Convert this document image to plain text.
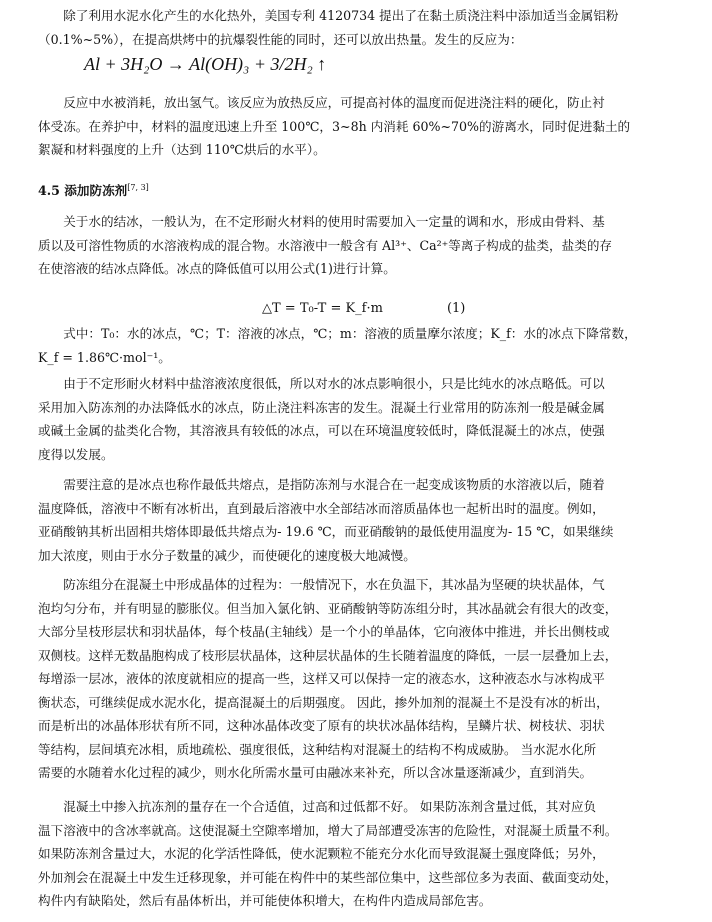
　　除了利用水泥水化产生的水化热外，美国专利 4120734 提出了在黏土质浇注料中添加适当金属铝粉
（0.1%~5%），在提高烘烤中的抗爆裂性能的同时，还可以放出热量。发生的反应为：
Al + 3H₂O → Al(OH)₃ + 3/2H₂ ↑
　　反应中水被消耗，放出氢气。该反应为放热反应，可提高衬体的温度而促进浇注料的硬化，防止衬
体受冻。在养护中，材料的温度迅速上升至 100℃，3~8h 内消耗 60%~70%的游离水，同时促进黏土的
絮凝和材料强度的上升（达到 110℃烘后的水平）。
4.5 添加防冻剂[7, 3]
　　关于水的结冰，一般认为，在不定形耐火材料的使用时需要加入一定量的调和水，形成由骨料、基
质以及可溶性物质的水溶液构成的混合物。水溶液中一般含有 Al³⁺、Ca²⁺等离子构成的盐类，盐类的存
在使溶液的结冰点降低。冰点的降低值可以用公式(1)进行计算。
△T = T₀-T = K_f·m	(1)
　　式中：T₀：水的冰点，℃；T：溶液的冰点，℃；m：溶液的质量摩尔浓度；K_f：水的冰点下降常数，
K_f = 1.86℃·mol⁻¹。
　　由于不定形耐火材料中盐溶液浓度很低，所以对水的冰点影响很小，只是比纯水的冰点略低。可以
采用加入防冻剂的办法降低水的冰点，防止浇注料冻害的发生。混凝土行业常用的防冻剂一般是碱金属
或碱土金属的盐类化合物，其溶液具有较低的冰点，可以在环境温度较低时，降低混凝土的冰点，使强
度得以发展。
　　需要注意的是冰点也称作最低共熔点，是指防冻剂与水混合在一起变成该物质的水溶液以后，随着
温度降低，溶液中不断有冰析出，直到最后溶液中水全部结冰而溶质晶体也一起析出时的温度。例如，
亚硝酸钠其析出固相共熔体即最低共熔点为- 19.6 ℃，而亚硝酸钠的最低使用温度为- 15 ℃，如果继续
加大浓度，则由于水分子数量的减少，而使硬化的速度极大地减慢。
　　防冻组分在混凝土中形成晶体的过程为：一般情况下，水在负温下，其冰晶为坚硬的块状晶体，气
泡均匀分布，并有明显的膨胀仪。但当加入氯化钠、亚硝酸钠等防冻组分时，其冰晶就会有很大的改变，
大部分呈枝形层状和羽状晶体，每个枝晶(主轴线）是一个小的单晶体，它向液体中推进，并长出侧枝或
双侧枝。这样无数晶胞构成了枝形层状晶体，这种层状晶体的生长随着温度的降低，一层一层叠加上去，
每增添一层冰，液体的浓度就相应的提高一些，这样又可以保持一定的液态水，这种液态水与冰构成平
衡状态，可继续促成水泥水化，提高混凝土的后期强度。 因此，掺外加剂的混凝土不是没有冰的析出，
而是析出的冰晶体形状有所不同，这种冰晶体改变了原有的块状冰晶体结构，呈鳞片状、树枝状、羽状
等结构，层间填充冰相，质地疏松、强度很低，这种结构对混凝土的结构不构成威胁。 当水泥水化所
需要的水随着水化过程的减少，则水化所需水量可由融冰来补充，所以含冰量逐渐减少，直到消失。
　　混凝土中掺入抗冻剂的量存在一个合适值，过高和过低都不好。 如果防冻剂含量过低，其对应负
温下溶液中的含冰率就高。这使混凝土空隙率增加，增大了局部遭受冻害的危险性，对混凝土质量不利。
如果防冻剂含量过大，水泥的化学活性降低，使水泥颗粒不能充分水化而导致混凝土强度降低；另外，
外加剂会在混凝土中发生迁移现象，并可能在构件中的某些部位集中，这些部位多为表面、截面变动处，
构件内有缺陷处，然后有晶体析出，并可能使体积增大，在构件内造成局部危害。
